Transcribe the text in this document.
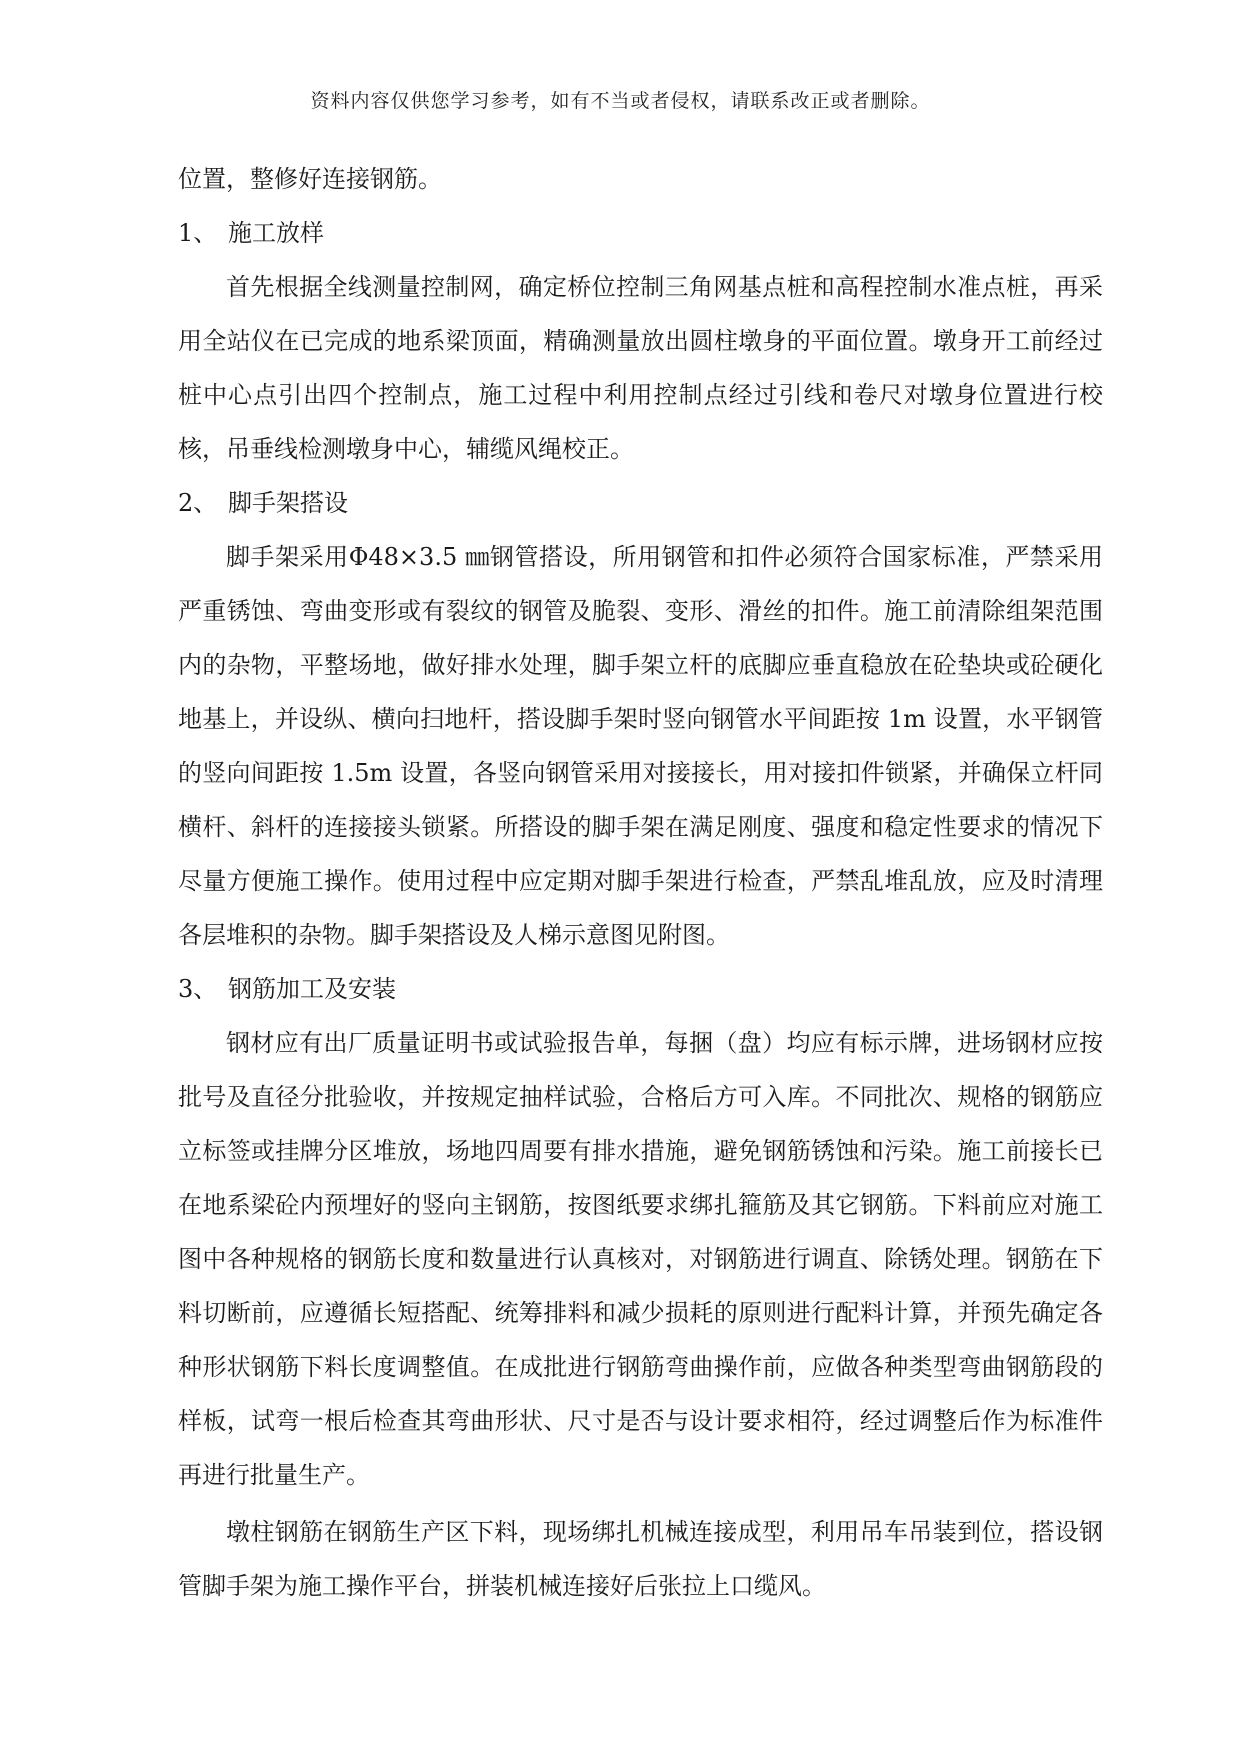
资料内容仅供您学习参考，如有不当或者侵权，请联系改正或者删除。

位置，整修好连接钢筋。

1、 施工放样

首先根据全线测量控制网，确定桥位控制三角网基点桩和高程控制水准点桩，再采用全站仪在已完成的地系梁顶面，精确测量放出圆柱墩身的平面位置。墩身开工前经过桩中心点引出四个控制点，施工过程中利用控制点经过引线和卷尺对墩身位置进行校核，吊垂线检测墩身中心，辅缆风绳校正。

2、 脚手架搭设

脚手架采用Φ48×3.5 ㎜钢管搭设，所用钢管和扣件必须符合国家标准，严禁采用严重锈蚀、弯曲变形或有裂纹的钢管及脆裂、变形、滑丝的扣件。施工前清除组架范围内的杂物，平整场地，做好排水处理，脚手架立杆的底脚应垂直稳放在砼垫块或砼硬化地基上，并设纵、横向扫地杆，搭设脚手架时竖向钢管水平间距按 1m 设置，水平钢管的竖向间距按 1.5m 设置，各竖向钢管采用对接接长，用对接扣件锁紧，并确保立杆同横杆、斜杆的连接接头锁紧。所搭设的脚手架在满足刚度、强度和稳定性要求的情况下尽量方便施工操作。使用过程中应定期对脚手架进行检查，严禁乱堆乱放，应及时清理各层堆积的杂物。脚手架搭设及人梯示意图见附图。

3、 钢筋加工及安装

钢材应有出厂质量证明书或试验报告单，每捆（盘）均应有标示牌，进场钢材应按批号及直径分批验收，并按规定抽样试验，合格后方可入库。不同批次、规格的钢筋应立标签或挂牌分区堆放，场地四周要有排水措施，避免钢筋锈蚀和污染。施工前接长已在地系梁砼内预埋好的竖向主钢筋，按图纸要求绑扎箍筋及其它钢筋。下料前应对施工图中各种规格的钢筋长度和数量进行认真核对，对钢筋进行调直、除锈处理。钢筋在下料切断前，应遵循长短搭配、统筹排料和减少损耗的原则进行配料计算，并预先确定各种形状钢筋下料长度调整值。在成批进行钢筋弯曲操作前，应做各种类型弯曲钢筋段的样板，试弯一根后检查其弯曲形状、尺寸是否与设计要求相符，经过调整后作为标准件再进行批量生产。

墩柱钢筋在钢筋生产区下料，现场绑扎机械连接成型，利用吊车吊装到位，搭设钢管脚手架为施工操作平台，拼装机械连接好后张拉上口缆风。
